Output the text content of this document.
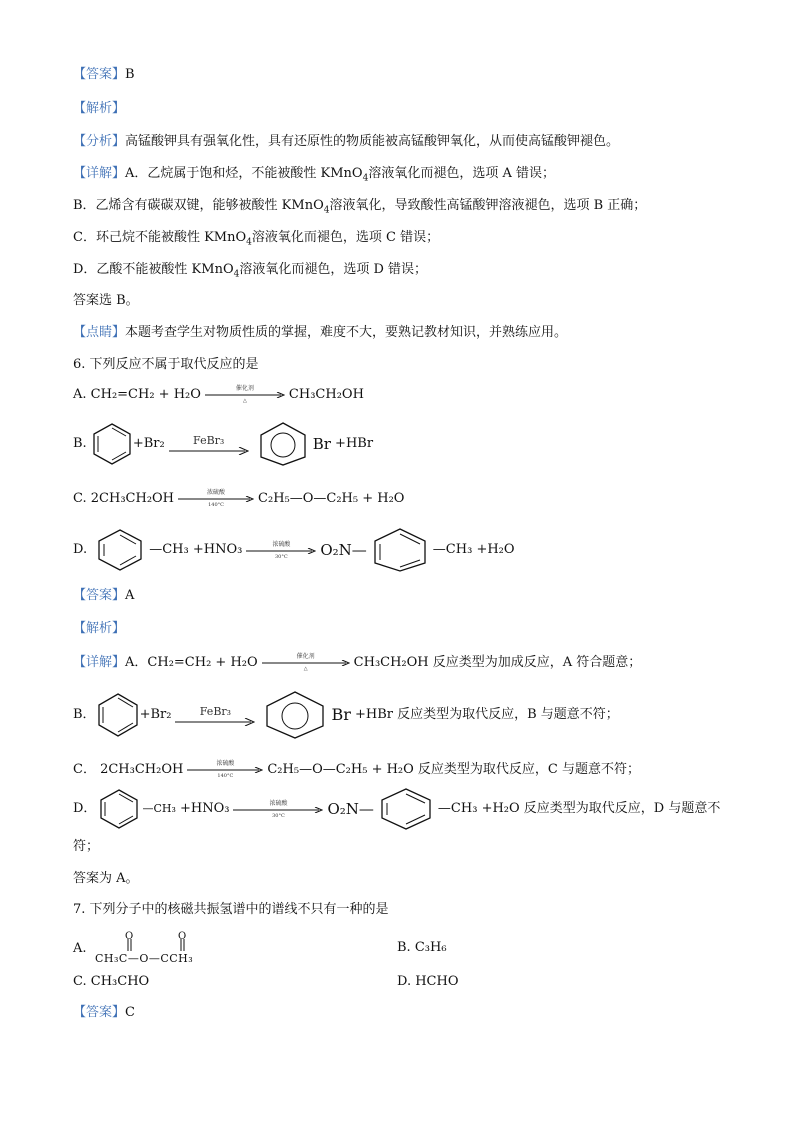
【答案】B
【解析】
【分析】高锰酸钾具有强氧化性，具有还原性的物质能被高锰酸钾氧化，从而使高锰酸钾褪色。
【详解】A．乙烷属于饱和烃，不能被酸性 KMnO$_4$溶液氧化而褪色，选项 A 错误；
B．乙烯含有碳碳双键，能够被酸性 KMnO$_4$溶液氧化，导致酸性高锰酸钾溶液褪色，选项 B 正确；
C．环己烷不能被酸性 KMnO$_4$溶液氧化而褪色，选项 C 错误；
D．乙酸不能被酸性 KMnO$_4$溶液氧化而褪色，选项 D 错误；
答案选 B。
【点睛】本题考查学生对物质性质的掌握，难度不大，要熟记教材知识，并熟练应用。
6. 下列反应不属于取代反应的是
A.
CH₂=CH₂ + H₂O	催化剂
△	CH₃CH₂OH
B.
	+Br₂	FeBr₃	Br
+HBr
C.
2CH₃CH₂OH	浓硫酸
140°C	C₂H₅—O—C₂H₅ + H₂O
D.
	—CH₃
+HNO₃	浓硫酸
30°C O₂N—	—CH₃
+H₂O
【答案】A
【解析】
【详解】 A． CH₂=CH₂ + H₂O	催化剂
△	CH₃CH₂OH 反应类型为加成反应，A 符合题意；
B．	+Br₂	FeBr₃	Br
+HBr 反应类型为取代反应，B 与题意不符；
C．
2CH₃CH₂OH	浓硫酸
140°C	C₂H₅—O—C₂H₅ + H₂O 反应类型为取代反应，C 与题意不符；
D．	—CH₃
+HNO₃	浓硫酸
30°C	O₂N—	—CH₃
+H₂O 反应类型为取代反应，D 与题意不
符；
答案为 A。
7. 下列分子中的核磁共振氢谱中的谱线不只有一种的是
A.
O	O
CH₃C—O—CCH₃
B. C₃H₆
C. CH₃CHO	D. HCHO
【答案】C
